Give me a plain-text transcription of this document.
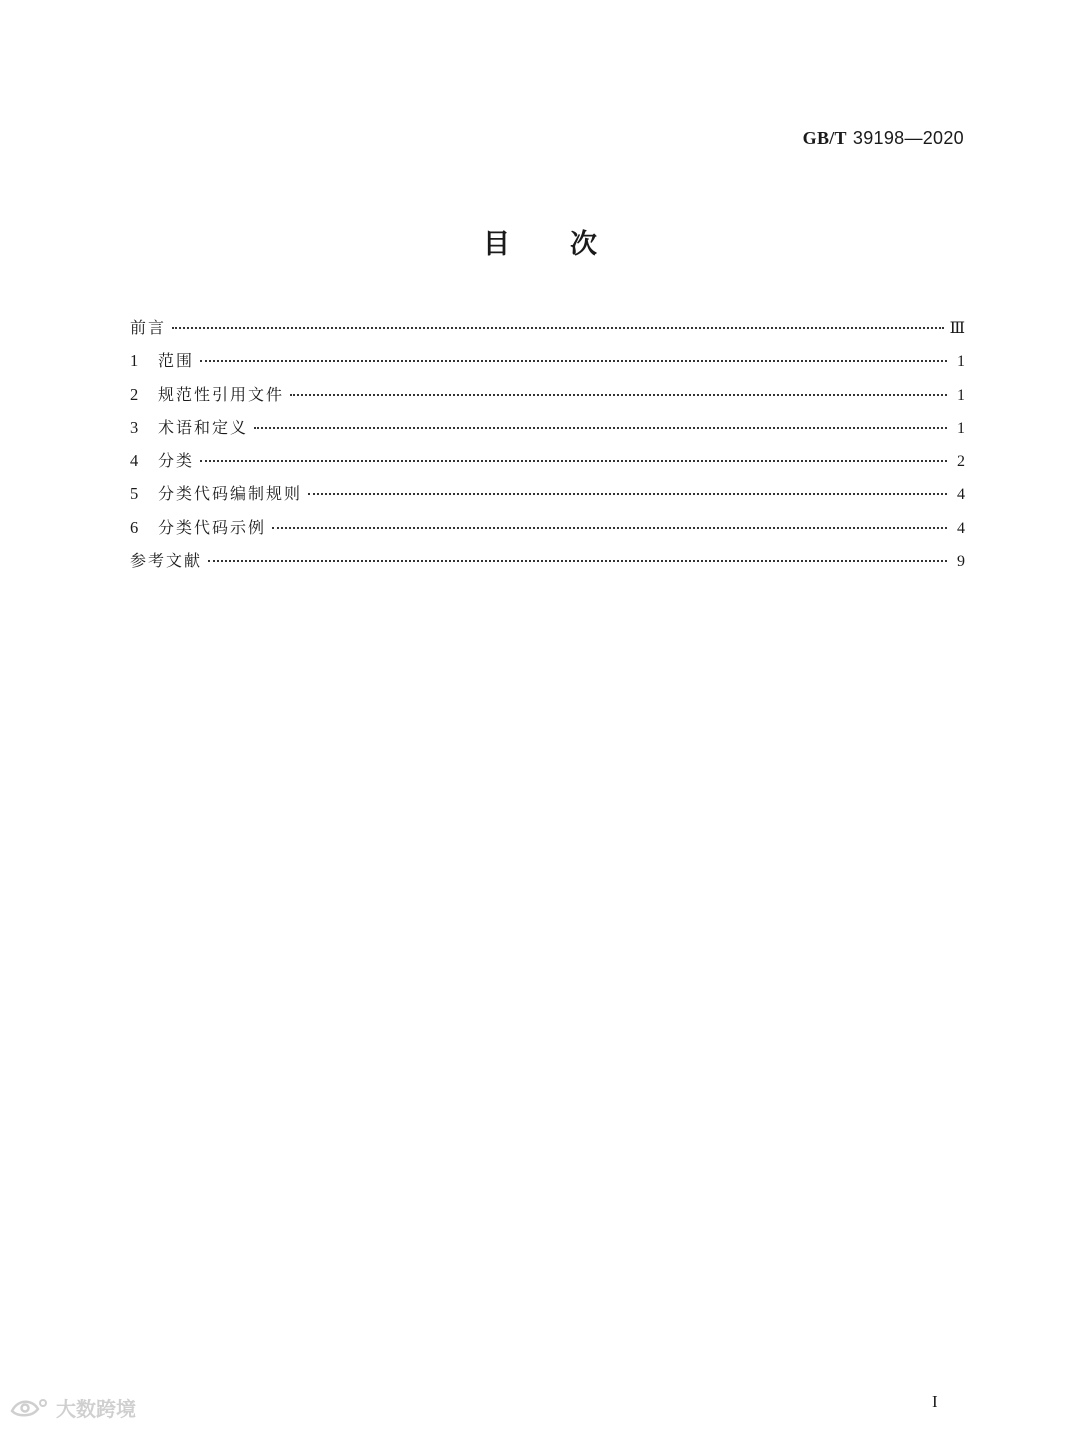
GB/T 39198—2020
目 次
前言	Ⅲ
1	范围	1
2	规范性引用文件	1
3	术语和定义	1
4	分类	2
5	分类代码编制规则	4
6	分类代码示例	4
参考文献	9
大数跨境	I
